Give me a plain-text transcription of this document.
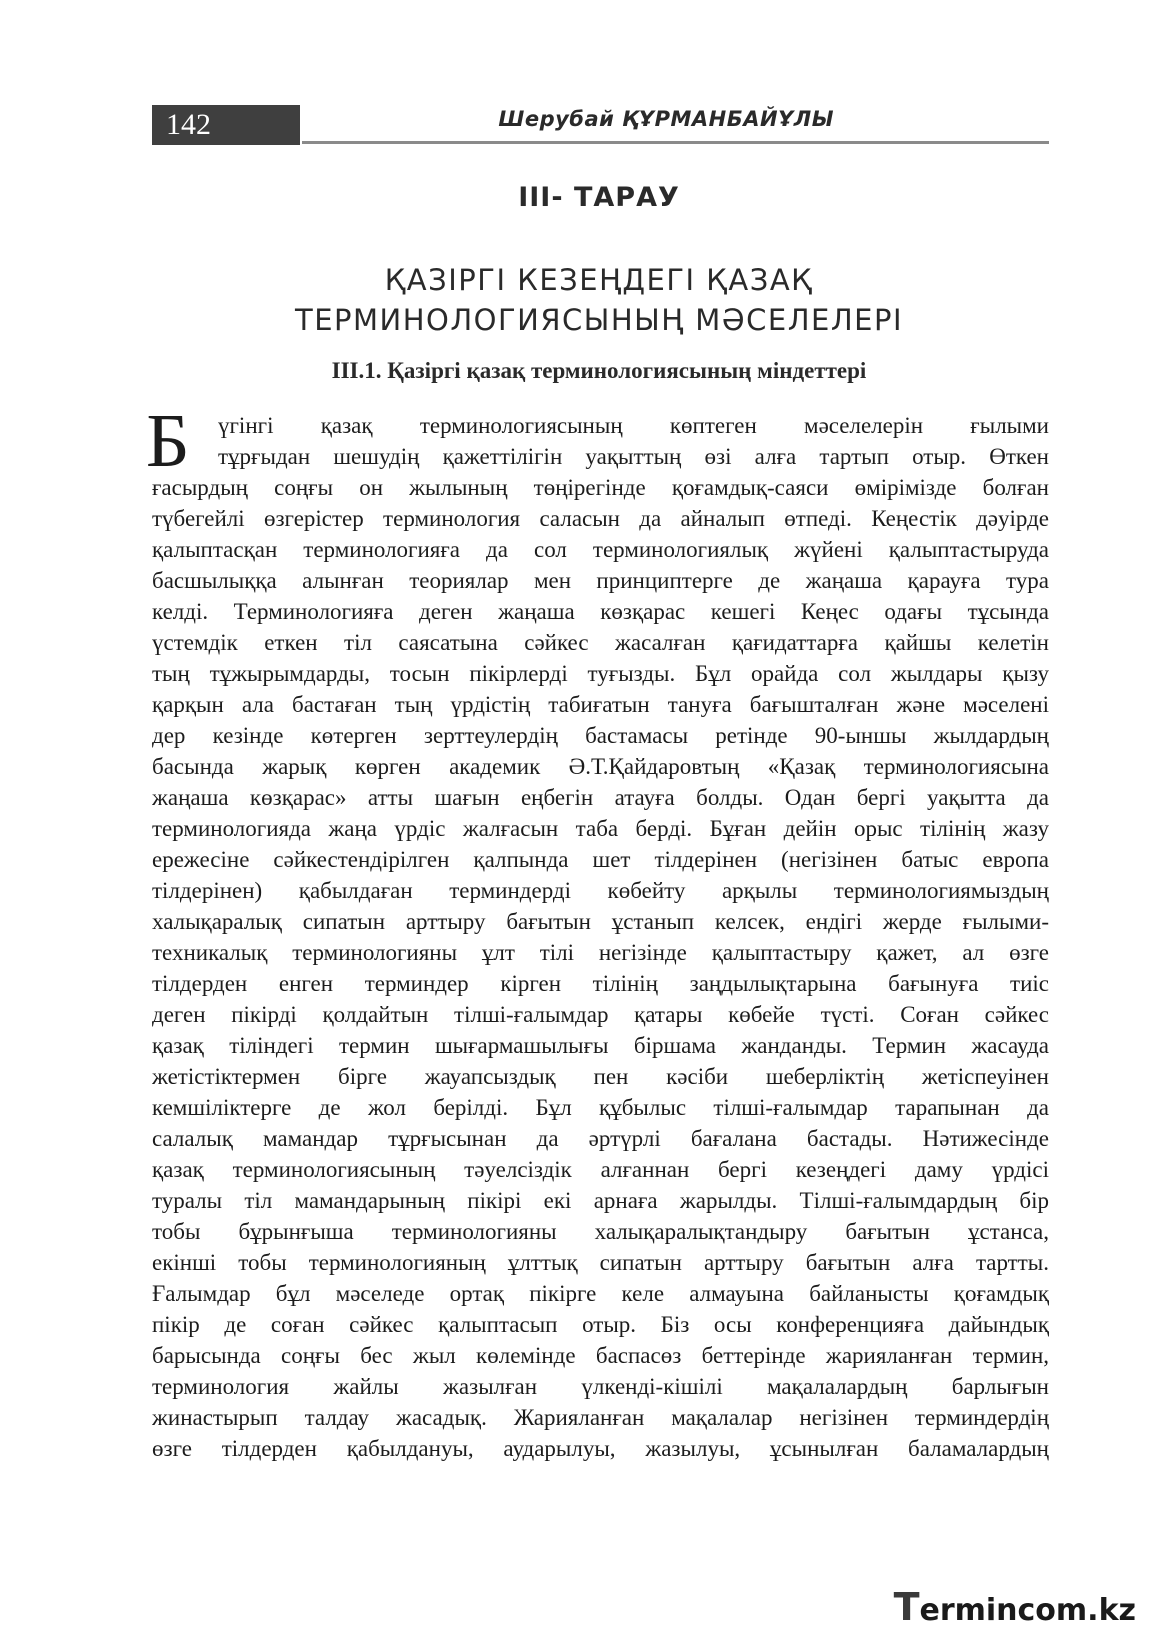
142	Шерубай ҚҰРМАНБАЙҰЛЫ
III- ТАРАУ
ҚАЗІРГІ КЕЗЕҢДЕГІ ҚАЗАҚ
ТЕРМИНОЛОГИЯСЫНЫҢ МӘСЕЛЕЛЕРІ
III.1. Қазіргі қазақ терминологиясының міндеттері
Б	үгінгі қазақ терминологиясының көптеген мәселелерін ғылыми
тұрғыдан шешудің қажеттілігін уақыттың өзі алға тартып отыр. Өткен
ғасырдың соңғы он жылының төңірегінде қоғамдық-саяси өмірімізде болған
түбегейлі өзгерістер терминология саласын да айналып өтпеді. Кеңестік дәуірде
қалыптасқан терминологияға да сол терминологиялық жүйені қалыптастыруда
басшылыққа алынған теориялар мен принциптерге де жаңаша қарауға тура
келді. Терминологияға деген жаңаша көзқарас кешегі Кеңес одағы тұсында
үстемдік еткен тіл саясатына сәйкес жасалған қағидаттарға қайшы келетін
тың тұжырымдарды, тосын пікірлерді туғызды. Бұл орайда сол жылдары қызу
қарқын ала бастаған тың үрдістің табиғатын тануға бағышталған және мәселені
дер кезінде көтерген зерттеулердің бастамасы ретінде 90-ыншы жылдардың
басында жарық көрген академик Ә.Т.Қайдаровтың «Қазақ терминологиясына
жаңаша көзқарас» атты шағын еңбегін атауға болды. Одан бергі уақытта да
терминологияда жаңа үрдіс жалғасын таба берді. Бұған дейін орыс тілінің жазу
ережесіне сәйкестендірілген қалпында шет тілдерінен (негізінен батыс европа
тілдерінен) қабылдаған терминдерді көбейту арқылы терминологиямыздың
халықаралық сипатын арттыру бағытын ұстанып келсек, ендігі жерде ғылыми-
техникалық терминологияны ұлт тілі негізінде қалыптастыру қажет, ал өзге
тілдерден енген терминдер кірген тілінің заңдылықтарына бағынуға тиіс
деген пікірді қолдайтын тілші-ғалымдар қатары көбейе түсті. Соған сәйкес
қазақ тіліндегі термин шығармашылығы біршама жанданды. Термин жасауда
жетістіктермен бірге жауапсыздық пен кәсіби шеберліктің жетіспеуінен
кемшіліктерге де жол берілді. Бұл құбылыс тілші-ғалымдар тарапынан да
салалық мамандар тұрғысынан да әртүрлі бағалана бастады. Нәтижесінде
қазақ терминологиясының тәуелсіздік алғаннан бергі кезеңдегі даму үрдісі
туралы тіл мамандарының пікірі екі арнаға жарылды. Тілші-ғалымдардың бір
тобы бұрынғыша терминологияны халықаралықтандыру бағытын ұстанса,
екінші тобы терминологияның ұлттық сипатын арттыру бағытын алға тартты.
Ғалымдар бұл мәселеде ортақ пікірге келе алмауына байланысты қоғамдық
пікір де соған сәйкес қалыптасып отыр. Біз осы конференцияға дайындық
барысында соңғы бес жыл көлемінде баспасөз беттерінде жарияланған термин,
терминология жайлы жазылған үлкенді-кішілі мақалалардың барлығын
жинастырып талдау жасадық. Жарияланған мақалалар негізінен терминдердің
өзге тілдерден қабылдануы, аударылуы, жазылуы, ұсынылған баламалардың
Termincom.kz
